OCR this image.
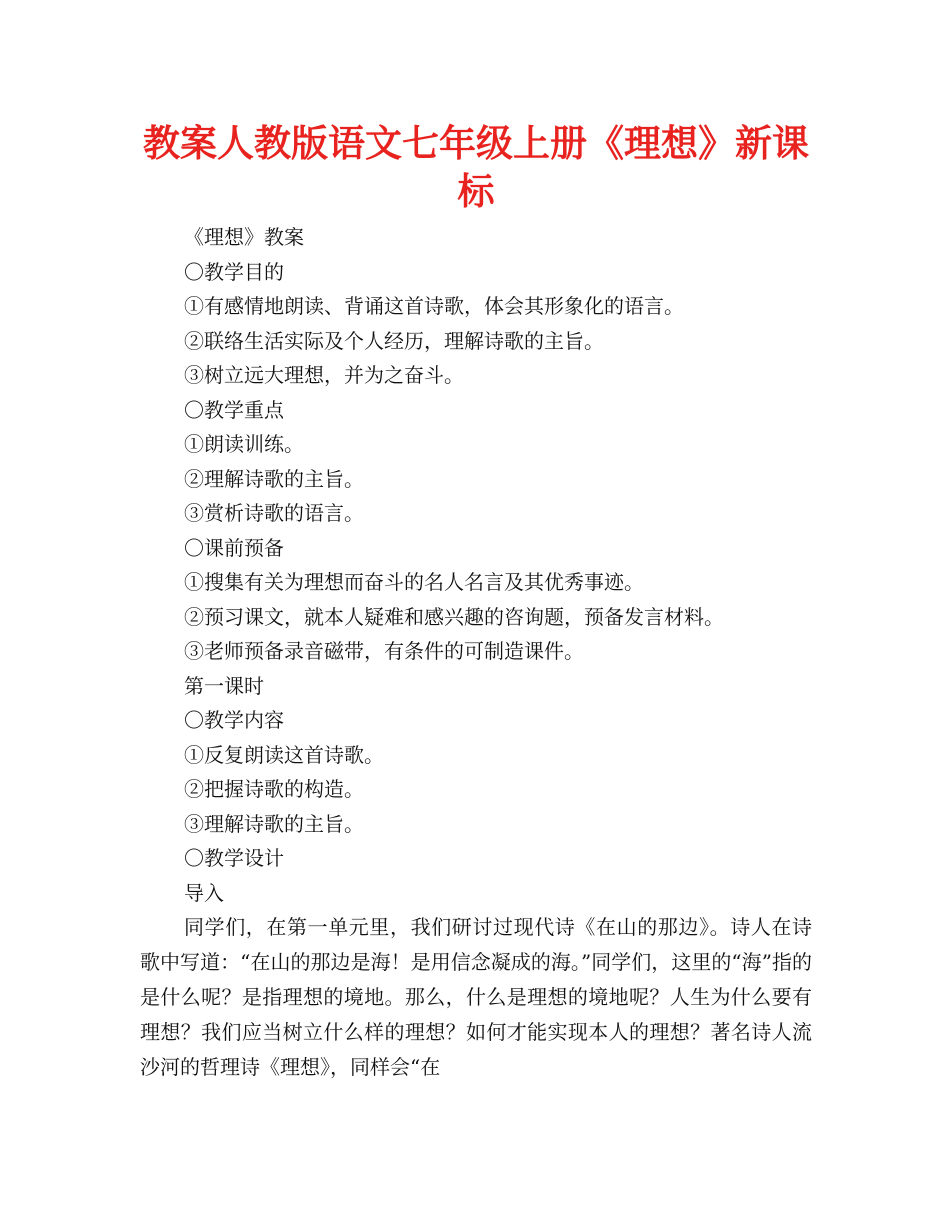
教案人教版语文七年级上册《理想》新课标

《理想》教案

〇教学目的

①有感情地朗读、背诵这首诗歌，体会其形象化的语言。

②联络生活实际及个人经历，理解诗歌的主旨。

③树立远大理想，并为之奋斗。

〇教学重点

①朗读训练。

②理解诗歌的主旨。

③赏析诗歌的语言。

〇课前预备

①搜集有关为理想而奋斗的名人名言及其优秀事迹。

②预习课文，就本人疑难和感兴趣的咨询题，预备发言材料。

③老师预备录音磁带，有条件的可制造课件。

第一课时

〇教学内容

①反复朗读这首诗歌。

②把握诗歌的构造。

③理解诗歌的主旨。

〇教学设计

导入

同学们，在第一单元里，我们研讨过现代诗《在山的那边》。诗人在诗歌中写道：“在山的那边是海！是用信念凝成的海。”同学们，这里的“海”指的是什么呢？是指理想的境地。那么，什么是理想的境地呢？人生为什么要有理想？我们应当树立什么样的理想？如何才能实现本人的理想？著名诗人流沙河的哲理诗《理想》，同样会“在
